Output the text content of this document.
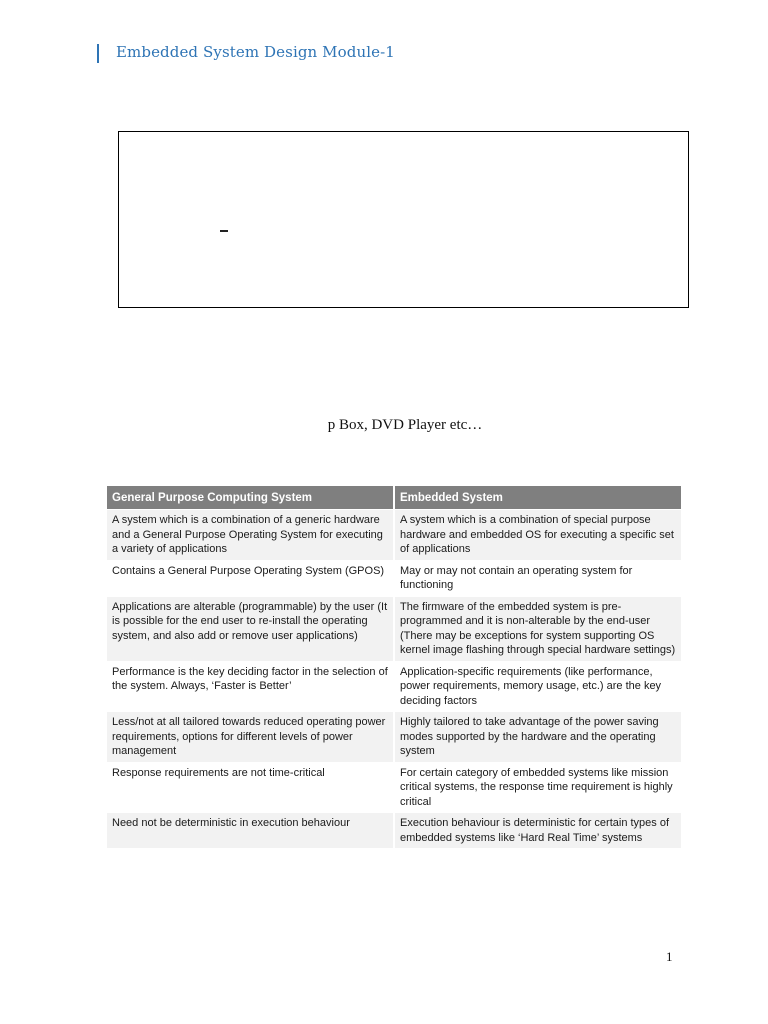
Embedded System Design Module-1
p Box, DVD Player etc…
General Purpose Computing System	Embedded System
A system which is a combination of a generic hardware and a General Purpose Operating System for executing a variety of applications	A system which is a combination of special purpose hardware and embedded OS for executing a specific set of applications
Contains a General Purpose Operating System (GPOS)	May or may not contain an operating system for functioning
Applications are alterable (programmable) by the user (It is possible for the end user to re-install the operating system, and also add or remove user applications)	The firmware of the embedded system is pre-programmed and it is non-alterable by the end-user (There may be exceptions for system supporting OS kernel image flashing through special hardware settings)
Performance is the key deciding factor in the selection of the system. Always, ‘Faster is Better’	Application-specific requirements (like performance, power requirements, memory usage, etc.) are the key deciding factors
Less/not at all tailored towards reduced operating power requirements, options for different levels of power management	Highly tailored to take advantage of the power saving modes supported by the hardware and the operating system
Response requirements are not time-critical	For certain category of embedded systems like mission critical systems, the response time requirement is highly critical
Need not be deterministic in execution behaviour	Execution behaviour is deterministic for certain types of embedded systems like ‘Hard Real Time’ systems
1
